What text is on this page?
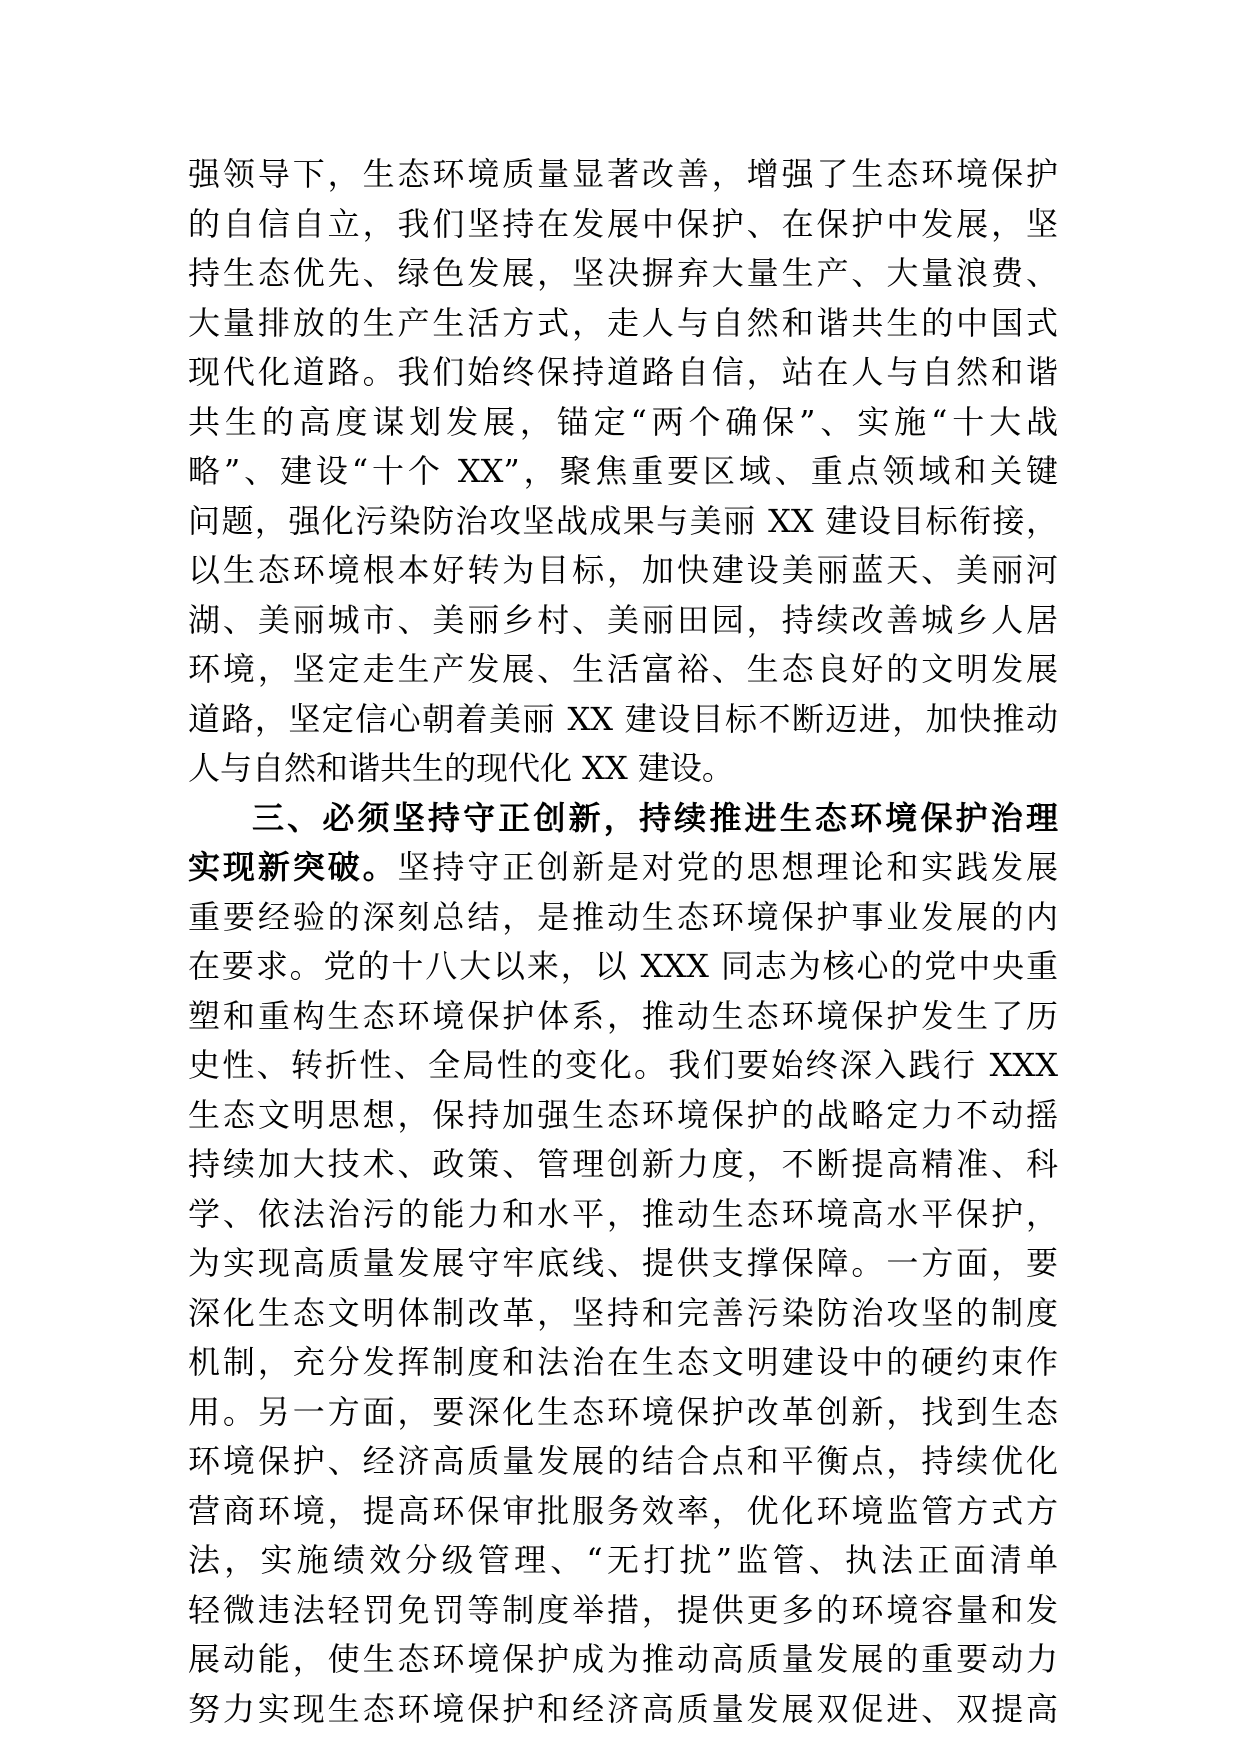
强领导下，生态环境质量显著改善，增强了生态环境保护
的自信自立，我们坚持在发展中保护、在保护中发展，坚
持生态优先、绿色发展，坚决摒弃大量生产、大量浪费、
大量排放的生产生活方式，走人与自然和谐共生的中国式
现代化道路。我们始终保持道路自信，站在人与自然和谐
共生的高度谋划发展，锚定“两个确保”、实施“十大战
略”、建设“十个 XX”，聚焦重要区域、重点领域和关键
问题，强化污染防治攻坚战成果与美丽 XX 建设目标衔接，
以生态环境根本好转为目标，加快建设美丽蓝天、美丽河
湖、美丽城市、美丽乡村、美丽田园，持续改善城乡人居
环境，坚定走生产发展、生活富裕、生态良好的文明发展
道路，坚定信心朝着美丽 XX 建设目标不断迈进，加快推动
人与自然和谐共生的现代化 XX 建设。
三、必须坚持守正创新，持续推进生态环境保护治理
实现新突破。坚持守正创新是对党的思想理论和实践发展
重要经验的深刻总结，是推动生态环境保护事业发展的内
在要求。党的十八大以来，以 XXX 同志为核心的党中央重
塑和重构生态环境保护体系，推动生态环境保护发生了历
史性、转折性、全局性的变化。我们要始终深入践行 XXX
生态文明思想，保持加强生态环境保护的战略定力不动摇
持续加大技术、政策、管理创新力度，不断提高精准、科
学、依法治污的能力和水平，推动生态环境高水平保护，
为实现高质量发展守牢底线、提供支撑保障。一方面，要
深化生态文明体制改革，坚持和完善污染防治攻坚的制度
机制，充分发挥制度和法治在生态文明建设中的硬约束作
用。另一方面，要深化生态环境保护改革创新，找到生态
环境保护、经济高质量发展的结合点和平衡点，持续优化
营商环境，提高环保审批服务效率，优化环境监管方式方
法，实施绩效分级管理、“无打扰”监管、执法正面清单
轻微违法轻罚免罚等制度举措，提供更多的环境容量和发
展动能，使生态环境保护成为推动高质量发展的重要动力
努力实现生态环境保护和经济高质量发展双促进、双提高
